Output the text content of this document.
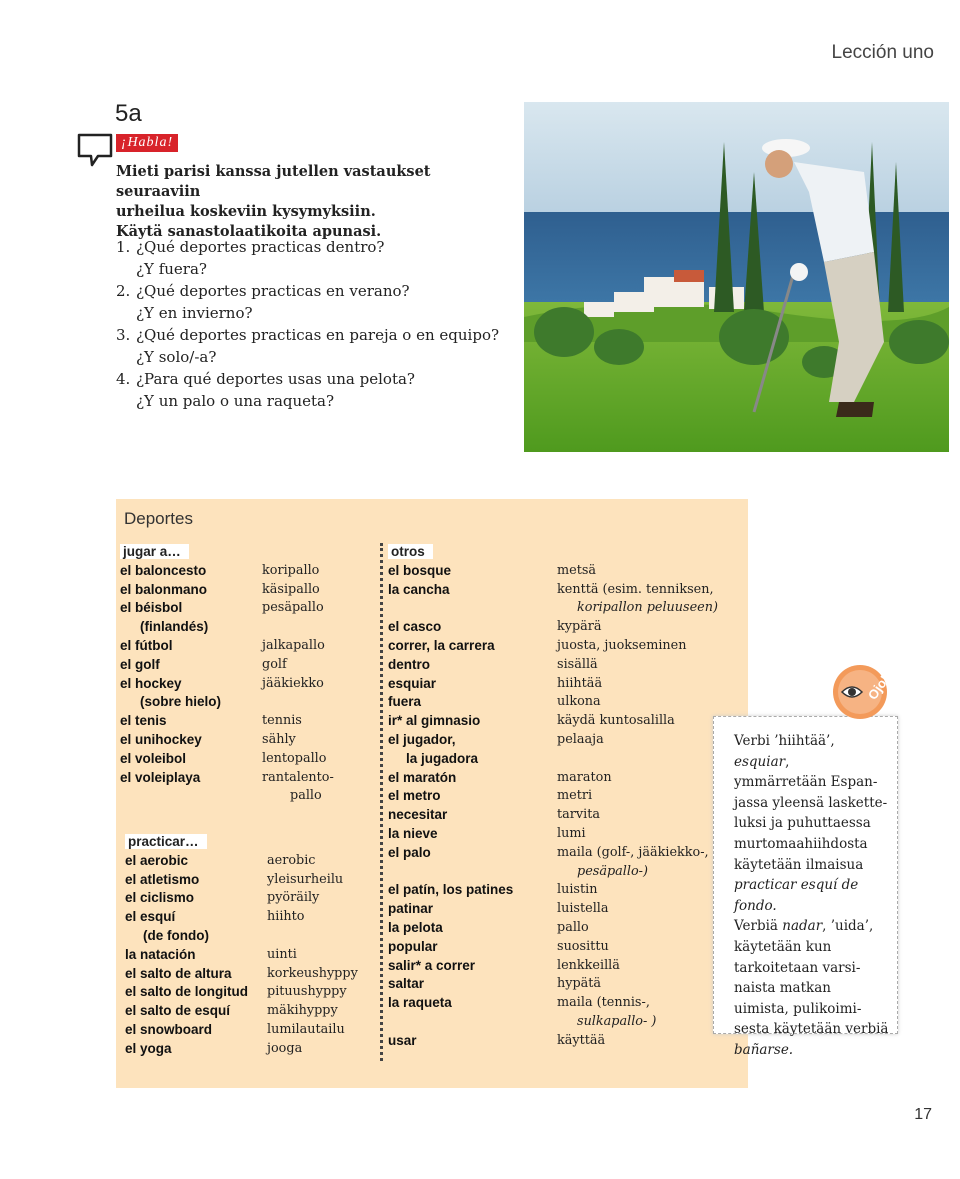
Lección uno
5a
¡Habla!
Mieti parisi kanssa jutellen vastaukset seuraaviin
urheilua koskeviin kysymyksiin.
Käytä sanastolaatikoita apunasi.
1. ¿Qué deportes practicas dentro?
¿Y fuera?
2. ¿Qué deportes practicas en verano?
¿Y en invierno?
3. ¿Qué deportes practicas en pareja o en equipo?
¿Y solo/-a?
4. ¿Para qué deportes usas una pelota?
¿Y un palo o una raqueta?
Deportes
jugar a…
el baloncesto
el balonmano
el béisbol
(finlandés)
el fútbol
el golf
el hockey
(sobre hielo)
el tenis
el unihockey
el voleibol
el voleiplaya
koripallo
käsipallo
pesäpallo
jalkapallo
golf
jääkiekko
tennis
sähly
lentopallo
rantalento-
pallo
practicar…
el aerobic
el atletismo
el ciclismo
el esquí
(de fondo)
la natación
el salto de altura
el salto de longitud
el salto de esquí
el snowboard
el yoga
aerobic
yleisurheilu
pyöräily
hiihto
uinti
korkeushyppy
pituushyppy
mäkihyppy
lumilautailu
jooga
otros
el bosque
la cancha
el casco
correr, la carrera
dentro
esquiar
fuera
ir* al gimnasio
el jugador,
la jugadora
el maratón
el metro
necesitar
la nieve
el palo
el patín, los patines
patinar
la pelota
popular
salir* a correr
saltar
la raqueta
usar
metsä
kenttä (esim. tenniksen,
koripallon peluuseen)
kypärä
juosta, juokseminen
sisällä
hiihtää
ulkona
käydä kuntosalilla
pelaaja
maraton
metri
tarvita
lumi
maila (golf-, jääkiekko-,
pesäpallo-)
luistin
luistella
pallo
suosittu
lenkkeillä
hypätä
maila (tennis-,
sulkapallo- )
käyttää
Ojo!
Verbi ’hiihtää’, esquiar,
ymmärretään Espan-
jassa yleensä laskette-
luksi ja puhuttaessa
murtomaahiihdosta
käytetään ilmaisua
practicar esquí de fondo.
Verbiä nadar, ’uida’,
käytetään kun
tarkoitetaan varsi-
naista matkan
uimista, pulikoimi-
sesta käytetään verbiä
bañarse.
17
